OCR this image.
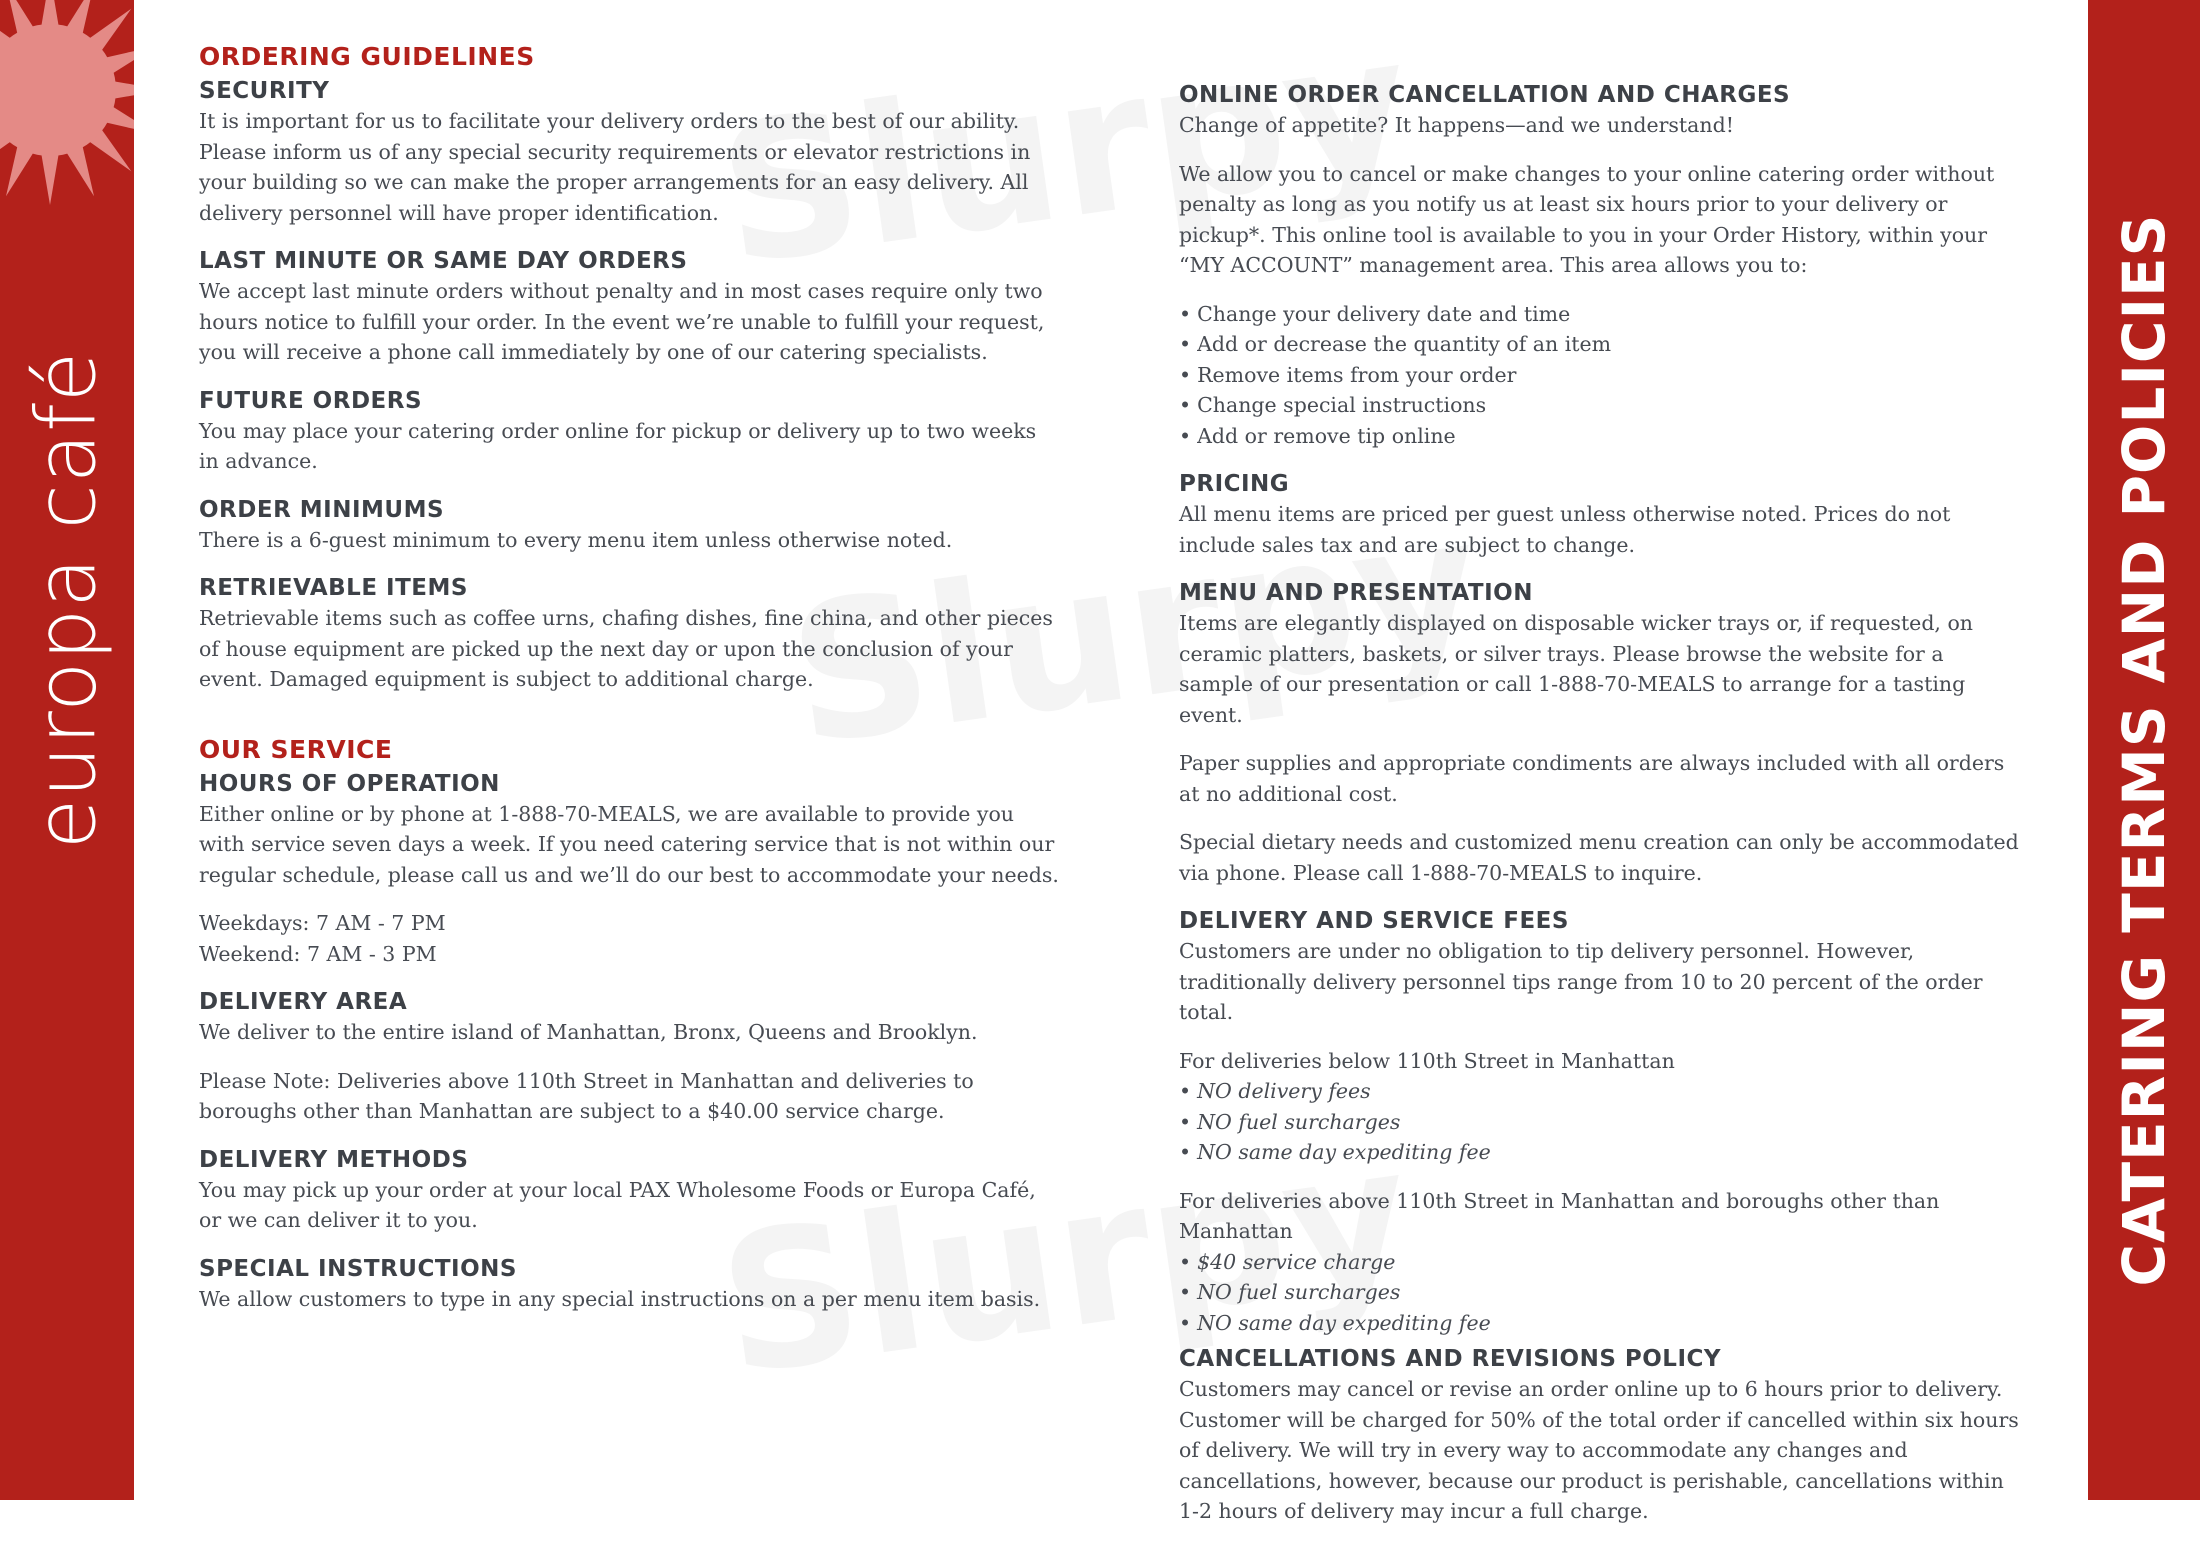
europa café	CATERING TERMS AND POLICIES
ORDERING GUIDELINES
SECURITY

It is important for us to facilitate your delivery orders to the best of our ability. Please inform us of any special security requirements or elevator restrictions in your building so we can make the proper arrangements for an easy delivery. All delivery personnel will have proper identification.

LAST MINUTE OR SAME DAY ORDERS

We accept last minute orders without penalty and in most cases require only two hours notice to fulfill your order. In the event we’re unable to fulfill your request, you will receive a phone call immediately by one of our catering specialists.

FUTURE ORDERS

You may place your catering order online for pickup or delivery up to two weeks in advance.

ORDER MINIMUMS

There is a 6-guest minimum to every menu item unless otherwise noted.

RETRIEVABLE ITEMS

Retrievable items such as coffee urns, chafing dishes, fine china, and other pieces of house equipment are picked up the next day or upon the conclusion of your event. Damaged equipment is subject to additional charge.

OUR SERVICE
HOURS OF OPERATION

Either online or by phone at 1-888-70-MEALS, we are available to provide you with service seven days a week. If you need catering service that is not within our regular schedule, please call us and we’ll do our best to accommodate your needs.

Weekdays: 7 AM - 7 PM

Weekend: 7 AM - 3 PM

DELIVERY AREA

We deliver to the entire island of Manhattan, Bronx, Queens and Brooklyn.

Please Note: Deliveries above 110th Street in Manhattan and deliveries to boroughs other than Manhattan are subject to a $40.00 service charge.

DELIVERY METHODS

You may pick up your order at your local PAX Wholesome Foods or Europa Café, or we can deliver it to you.

SPECIAL INSTRUCTIONS

We allow customers to type in any special instructions on a per menu item basis.

ONLINE ORDER CANCELLATION AND CHARGES

Change of appetite? It happens—and we understand!

We allow you to cancel or make changes to your online catering order without penalty as long as you notify us at least six hours prior to your delivery or pickup*. This online tool is available to you in your Order History, within your “MY ACCOUNT” management area. This area allows you to:

• Change your delivery date and time
• Add or decrease the quantity of an item
• Remove items from your order
• Change special instructions
• Add or remove tip online
PRICING

All menu items are priced per guest unless otherwise noted. Prices do not include sales tax and are subject to change.

MENU AND PRESENTATION

Items are elegantly displayed on disposable wicker trays or, if requested, on ceramic platters, baskets, or silver trays. Please browse the website for a sample of our presentation or call 1-888-70-MEALS to arrange for a tasting event.

Paper supplies and appropriate condiments are always included with all orders at no additional cost.

Special dietary needs and customized menu creation can only be accommodated via phone. Please call 1-888-70-MEALS to inquire.

DELIVERY AND SERVICE FEES

Customers are under no obligation to tip delivery personnel. However, traditionally delivery personnel tips range from 10 to 20 percent of the order total.

For deliveries below 110th Street in Manhattan

• NO delivery fees
• NO fuel surcharges
• NO same day expediting fee

For deliveries above 110th Street in Manhattan and boroughs other than Manhattan

• $40 service charge
• NO fuel surcharges
• NO same day expediting fee
CANCELLATIONS AND REVISIONS POLICY

Customers may cancel or revise an order online up to 6 hours prior to delivery. Customer will be charged for 50% of the total order if cancelled within six hours of delivery. We will try in every way to accommodate any changes and cancellations, however, because our product is perishable, cancellations within 1-2 hours of delivery may incur a full charge.
